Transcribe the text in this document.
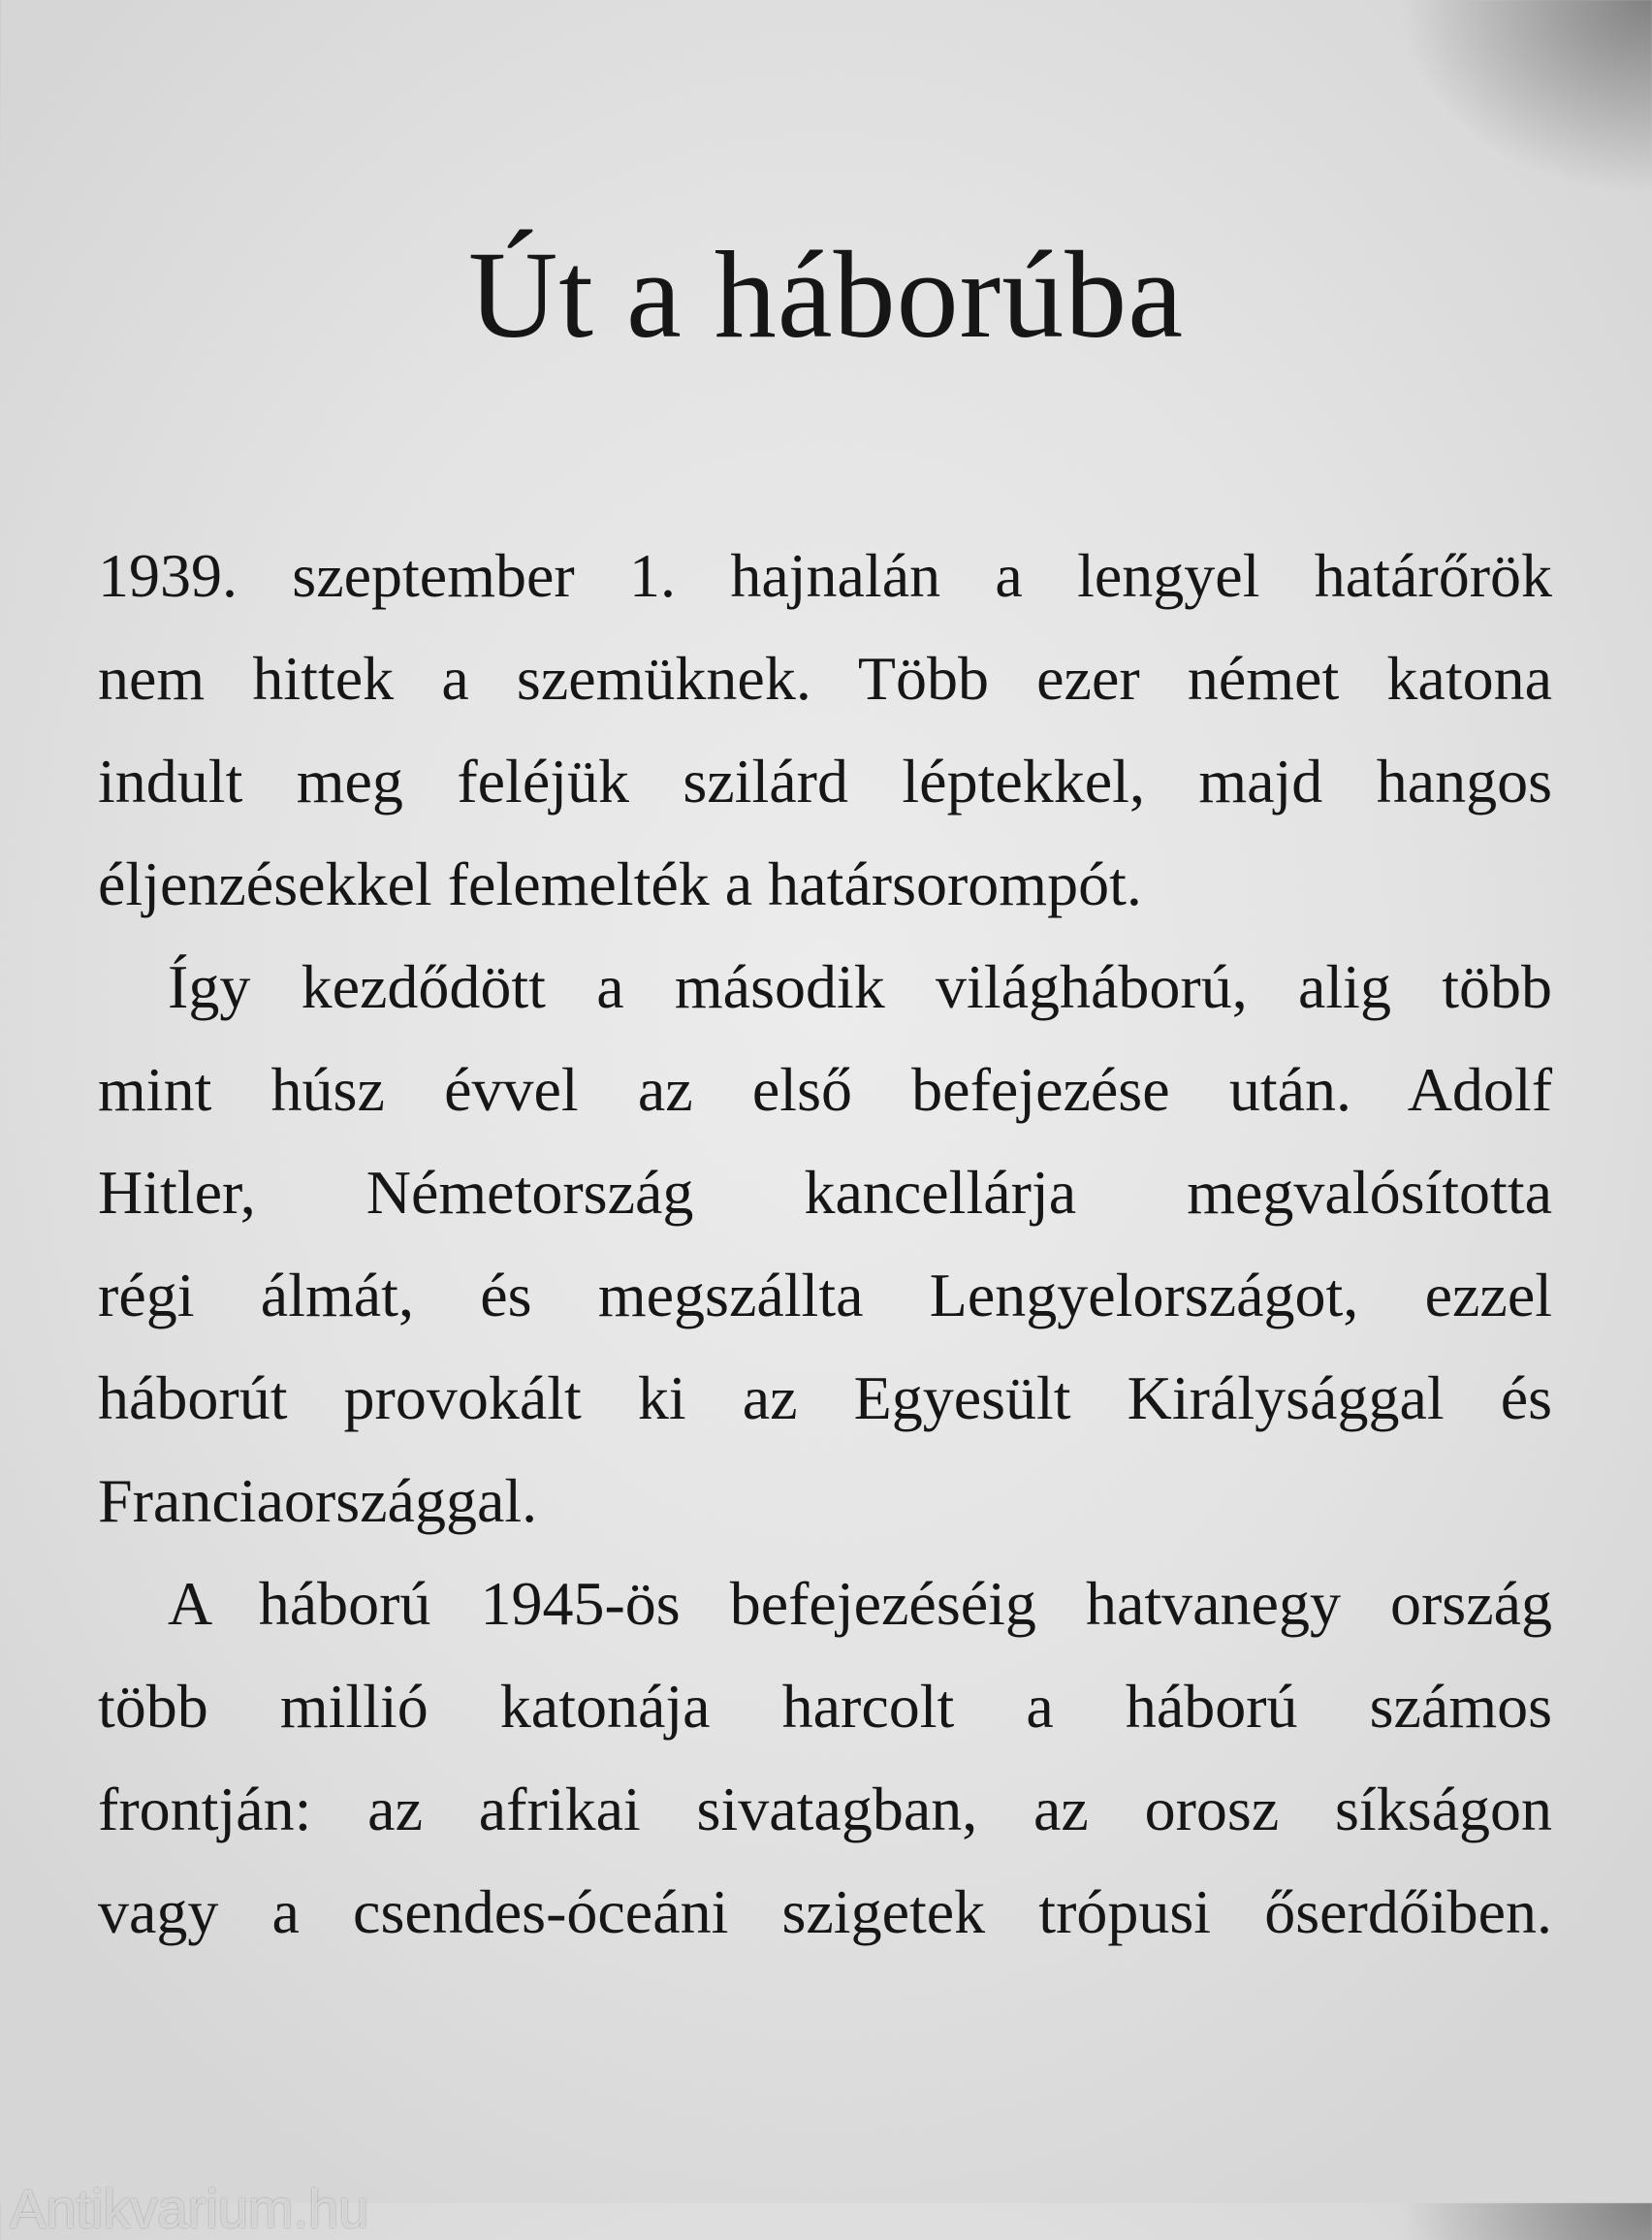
Út a háborúba
1939. szeptember 1. hajnalán a lengyel határőrök
nem hittek a szemüknek. Több ezer német katona
indult meg feléjük szilárd léptekkel, majd hangos
éljenzésekkel felemelték a határsorompót.
Így kezdődött a második világháború, alig több
mint húsz évvel az első befejezése után. Adolf
Hitler, Németország kancellárja megvalósította
régi álmát, és megszállta Lengyelországot, ezzel
háborút provokált ki az Egyesült Királysággal és
Franciaországgal.
A háború 1945-ös befejezéséig hatvanegy ország
több millió katonája harcolt a háború számos
frontján: az afrikai sivatagban, az orosz síkságon
vagy a csendes-óceáni szigetek trópusi őserdőiben.
Antikvarium.hu
